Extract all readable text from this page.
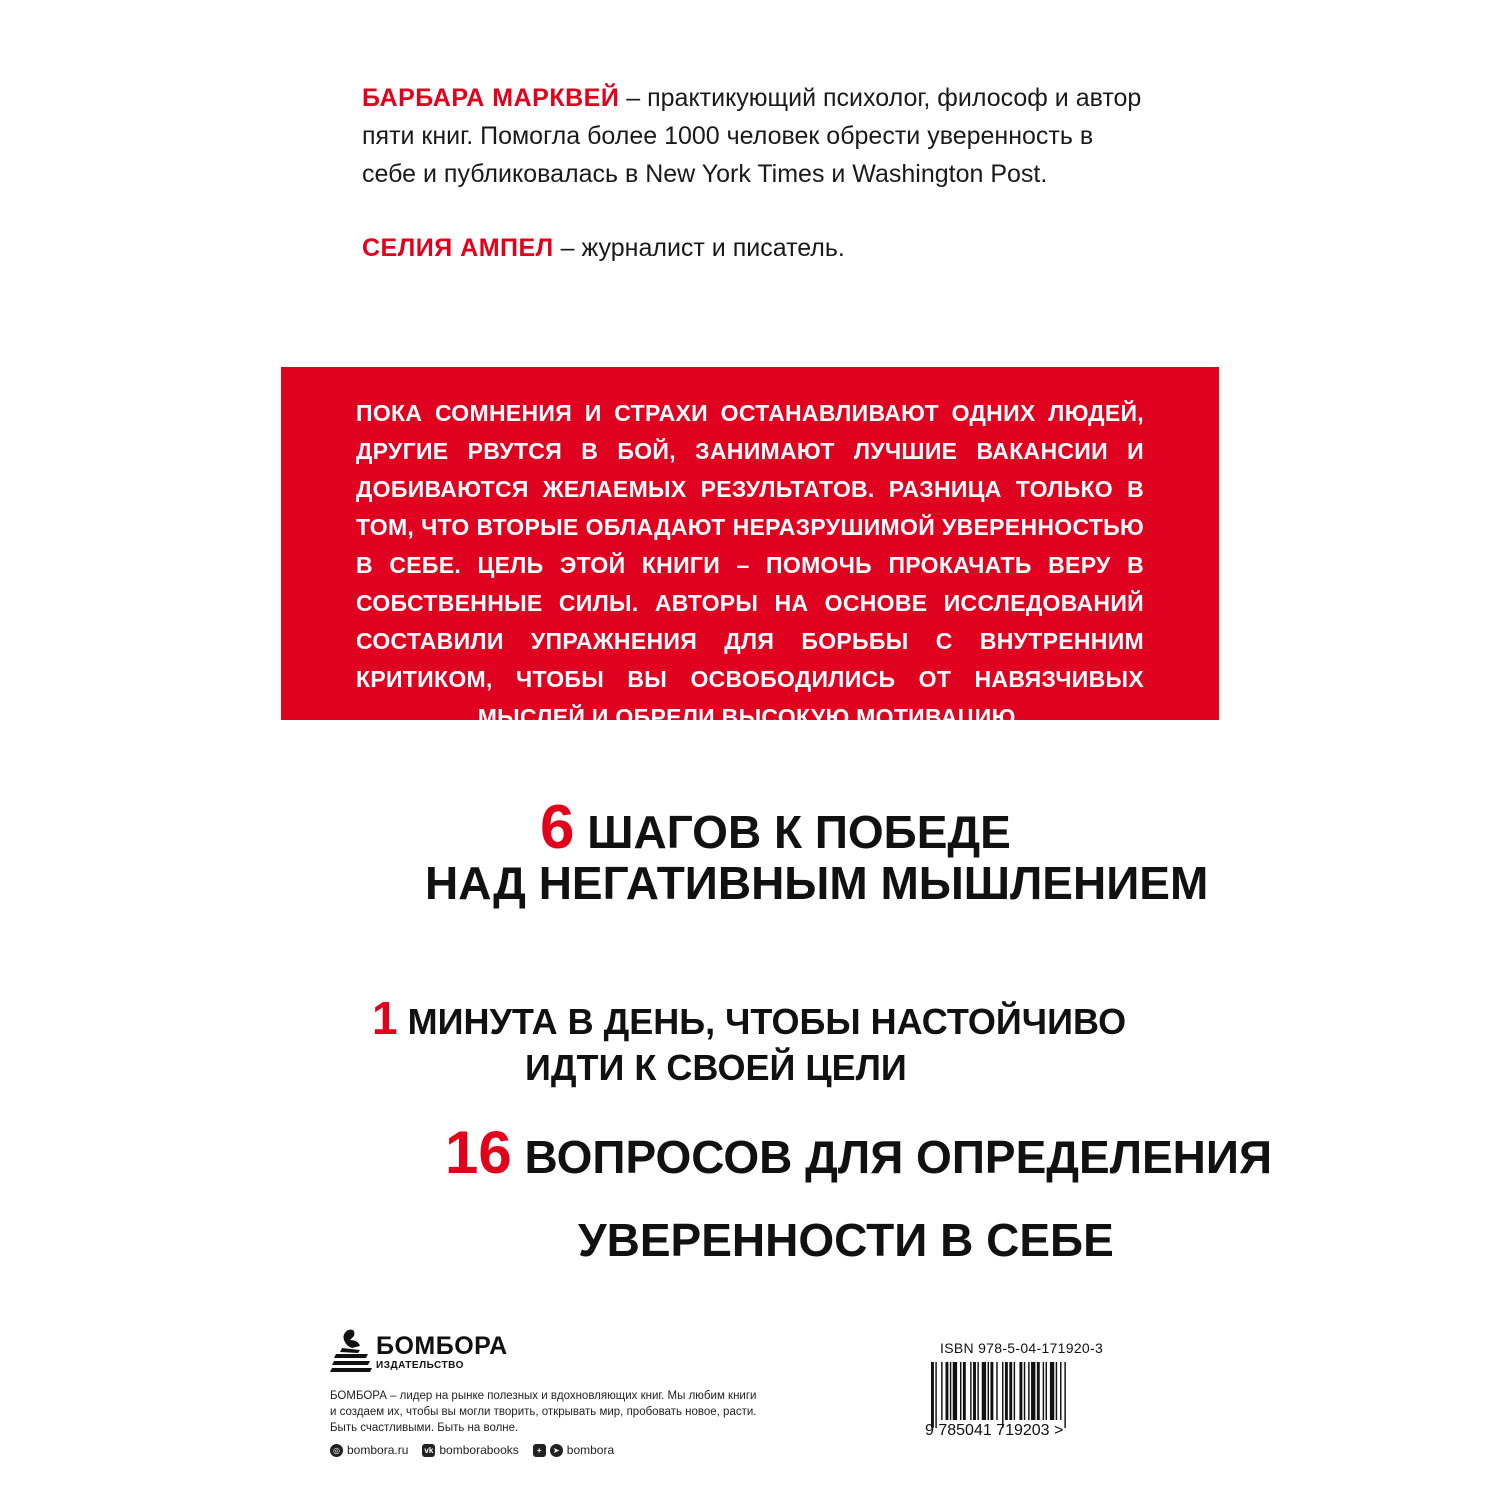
БАРБАРА МАРКВЕЙ – практикующий психолог, философ и автор пяти книг. Помогла более 1000 человек обрести уверенность в себе и публиковалась в New York Times и Washington Post.

СЕЛИЯ АМПЕЛ – журналист и писатель.

ПОКА СОМНЕНИЯ И СТРАХИ ОСТАНАВЛИВАЮТ ОДНИХ ЛЮДЕЙ, ДРУГИЕ РВУТСЯ В БОЙ, ЗАНИМАЮТ ЛУЧШИЕ ВАКАНСИИ И ДОБИВАЮТСЯ ЖЕЛАЕМЫХ РЕЗУЛЬТАТОВ. РАЗНИЦА ТОЛЬКО В ТОМ, ЧТО ВТОРЫЕ ОБЛАДАЮТ НЕРАЗРУШИМОЙ УВЕРЕННОСТЬЮ В СЕБЕ. ЦЕЛЬ ЭТОЙ КНИГИ – ПОМОЧЬ ПРОКАЧАТЬ ВЕРУ В СОБСТВЕННЫЕ СИЛЫ. АВТОРЫ НА ОСНОВЕ ИССЛЕДОВАНИЙ СОСТАВИЛИ УПРАЖНЕНИЯ ДЛЯ БОРЬБЫ С ВНУТРЕННИМ КРИТИКОМ, ЧТОБЫ ВЫ ОСВОБОДИЛИСЬ ОТ НАВЯЗЧИВЫХ МЫСЛЕЙ И ОБРЕЛИ ВЫСОКУЮ МОТИВАЦИЮ.

6 ШАГОВ К ПОБЕДЕ

НАД НЕГАТИВНЫМ МЫШЛЕНИЕМ

1 МИНУТА В ДЕНЬ, ЧТОБЫ НАСТОЙЧИВО

ИДТИ К СВОЕЙ ЦЕЛИ

16 ВОПРОСОВ ДЛЯ ОПРЕДЕЛЕНИЯ

УВЕРЕННОСТИ В СЕБЕ

БОМБОРА
ИЗДАТЕЛЬСТВО

БОМБОРА – лидер на рынке полезных и вдохновляющих книг. Мы любим книги и создаем их, чтобы вы могли творить, открывать мир, пробовать новое, расти. Быть счастливыми. Быть на волне.

◎ bombora.ru vk bomborabooks	+	➤ bombora
ISBN 978-5-04-171920-3
9 785041 719203 >
